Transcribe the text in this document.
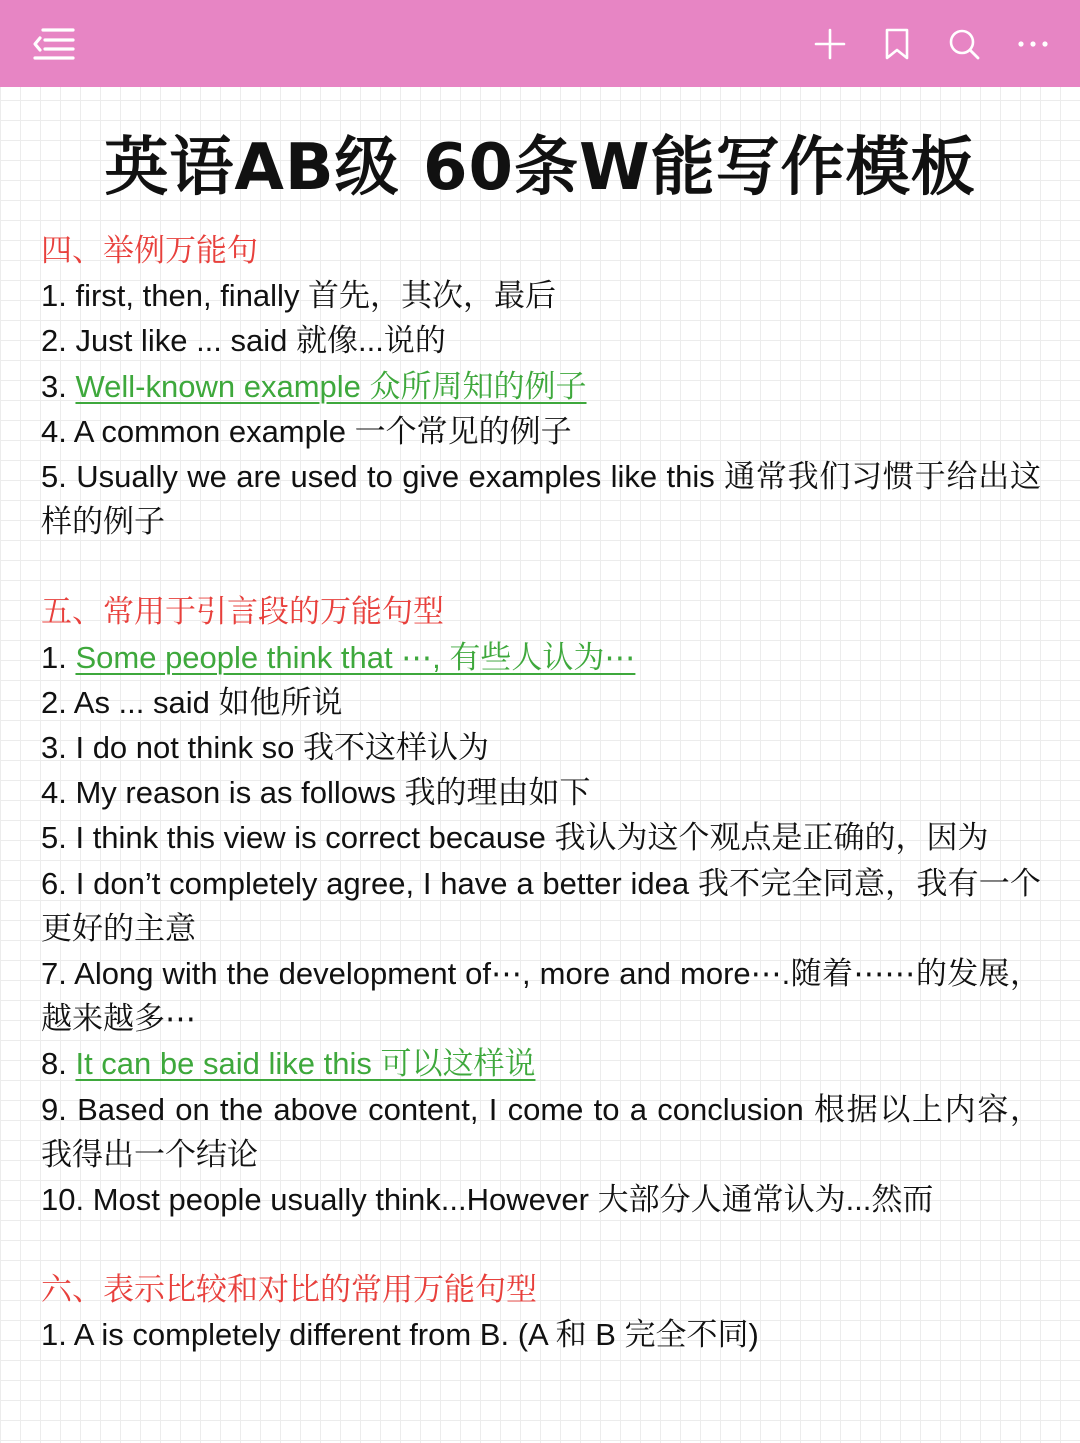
英语AB级 60条W能写作模板

四、举例万能句

1. first, then, finally 首先，其次，最后

2. Just like ... said 就像...说的

3. Well-known example 众所周知的例子

4. A common example 一个常见的例子

5. Usually we are used to give examples like this 通常我们习惯于给出这样的例子

五、常用于引言段的万能句型

1. Some people think that ⋯, 有些人认为⋯

2. As ... said 如他所说

3. I do not think so 我不这样认为

4. My reason is as follows 我的理由如下

5. I think this view is correct because 我认为这个观点是正确的，因为

6. I don’t completely agree, I have a better idea 我不完全同意，我有一个更好的主意

7. Along with the development of⋯, more and more⋯.随着⋯⋯的发展，越来越多⋯

8. It can be said like this 可以这样说

9. Based on the above content, I come to a conclusion 根据以上内容，我得出一个结论

10. Most people usually think...However 大部分人通常认为...然而

六、表示比较和对比的常用万能句型

1. A is completely different from B. (A 和 B 完全不同)
